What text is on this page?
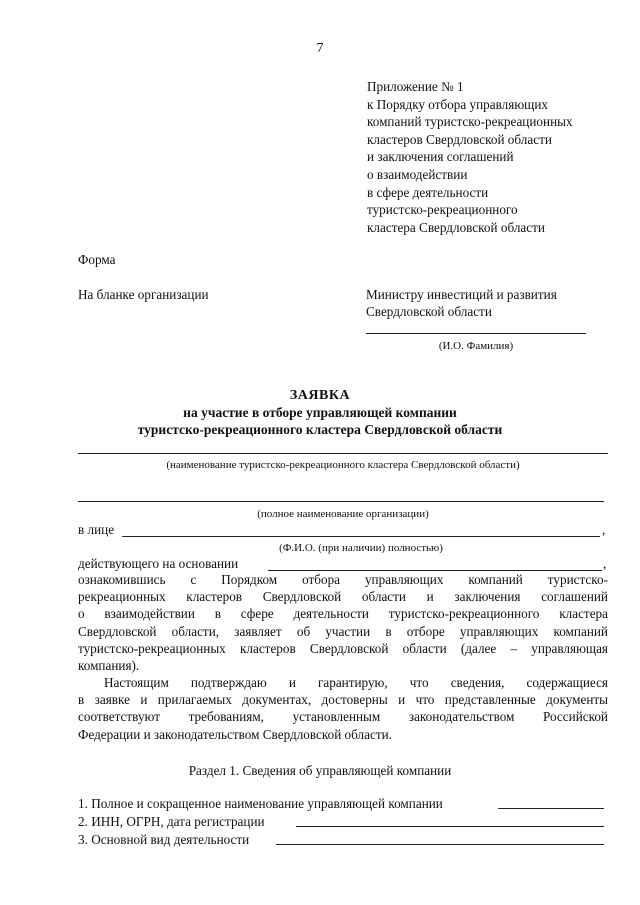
7
Приложение № 1
к Порядку отбора управляющих
компаний туристско-рекреационных
кластеров Свердловской области
и заключения соглашений
о взаимодействии
в сфере деятельности
туристско-рекреационного
кластера Свердловской области
Форма
На бланке организации	Министру инвестиций и развития
Свердловской области
(И.О. Фамилия)
ЗАЯВКА
на участие в отборе управляющей компании
туристско-рекреационного кластера Свердловской области
(наименование туристско-рекреационного кластера Свердловской области)
(полное наименование организации)
в лице	,
(Ф.И.О. (при наличии) полностью)
действующего на основании	,
ознакомившись с Порядком отбора управляющих компаний туристско-
рекреационных кластеров Свердловской области и заключения соглашений
о взаимодействии в сфере деятельности туристско-рекреационного кластера
Свердловской области, заявляет об участии в отборе управляющих компаний
туристско-рекреационных кластеров Свердловской области (далее – управляющая
компания).
Настоящим подтверждаю и гарантирую, что сведения, содержащиеся
в заявке и прилагаемых документах, достоверны и что представленные документы
соответствуют требованиям, установленным законодательством Российской
Федерации и законодательством Свердловской области.
Раздел 1. Сведения об управляющей компании
1. Полное и сокращенное наименование управляющей компании
2. ИНН, ОГРН, дата регистрации
3. Основной вид деятельности
